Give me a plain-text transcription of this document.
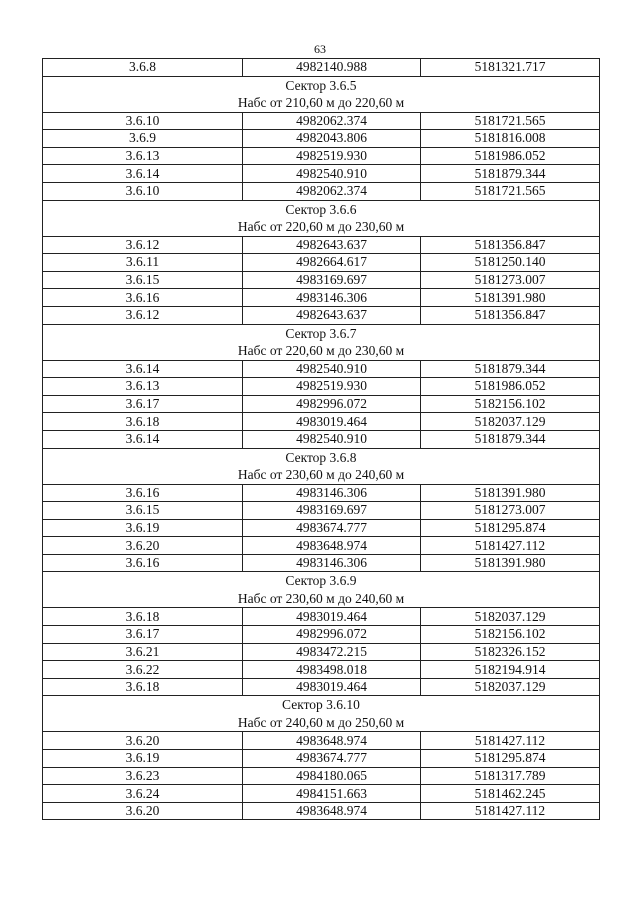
63
3.6.8	4982140.988	5181321.717

Сектор 3.6.5
Набс от 210,60 м до 220,60 м		

3.6.10	4982062.374	5181721.565
3.6.9	4982043.806	5181816.008
3.6.13	4982519.930	5181986.052
3.6.14	4982540.910	5181879.344
3.6.10	4982062.374	5181721.565

Сектор 3.6.6
Набс от 220,60 м до 230,60 м		

3.6.12	4982643.637	5181356.847
3.6.11	4982664.617	5181250.140
3.6.15	4983169.697	5181273.007
3.6.16	4983146.306	5181391.980
3.6.12	4982643.637	5181356.847

Сектор 3.6.7
Набс от 220,60 м до 230,60 м		

3.6.14	4982540.910	5181879.344
3.6.13	4982519.930	5181986.052
3.6.17	4982996.072	5182156.102
3.6.18	4983019.464	5182037.129
3.6.14	4982540.910	5181879.344

Сектор 3.6.8
Набс от 230,60 м до 240,60 м		

3.6.16	4983146.306	5181391.980
3.6.15	4983169.697	5181273.007
3.6.19	4983674.777	5181295.874
3.6.20	4983648.974	5181427.112
3.6.16	4983146.306	5181391.980

Сектор 3.6.9
Набс от 230,60 м до 240,60 м		

3.6.18	4983019.464	5182037.129
3.6.17	4982996.072	5182156.102
3.6.21	4983472.215	5182326.152
3.6.22	4983498.018	5182194.914
3.6.18	4983019.464	5182037.129

Сектор 3.6.10
Набс от 240,60 м до 250,60 м		

3.6.20	4983648.974	5181427.112
3.6.19	4983674.777	5181295.874
3.6.23	4984180.065	5181317.789
3.6.24	4984151.663	5181462.245
3.6.20	4983648.974	5181427.112
